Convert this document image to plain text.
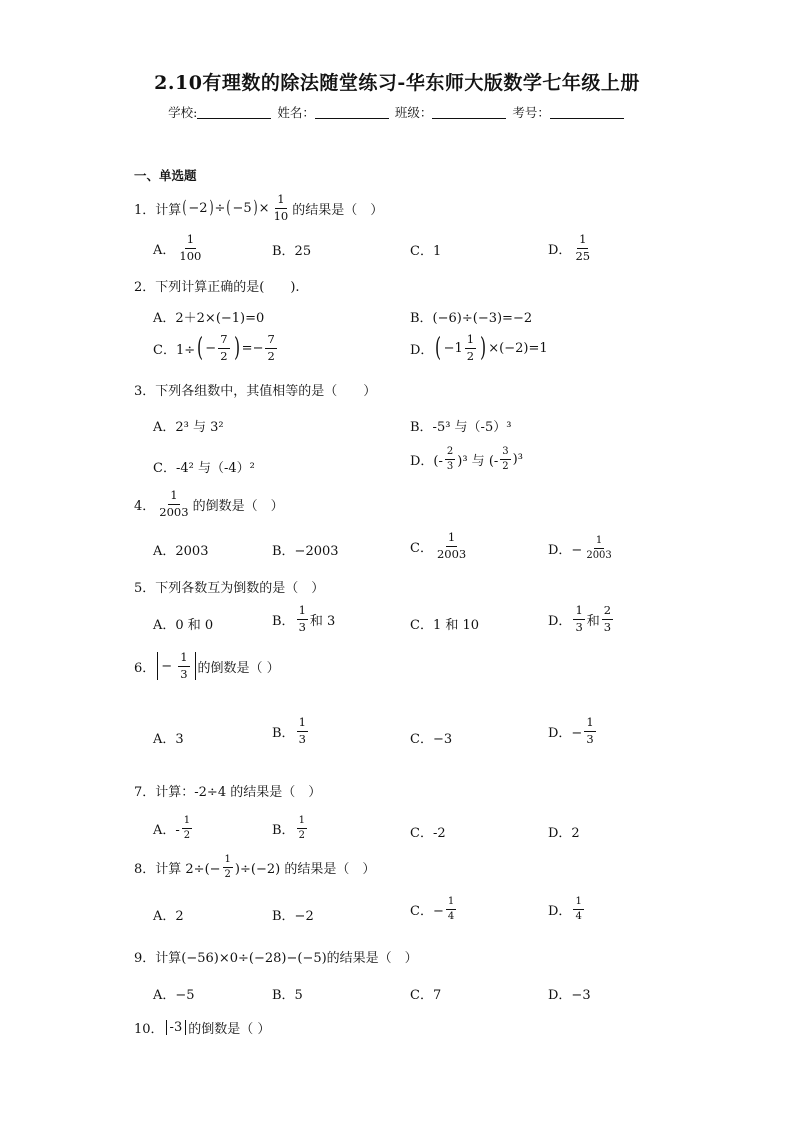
2.10有理数的除法随堂练习-华东师大版数学七年级上册
学校:	姓名：	班级：	考号：
一、单选题
1． 计算 ( −2 ) ÷ ( −5 ) × $\frac{1}{10}$ 的结果是（　）
A． $\frac{1}{100}$	B．25	C．1	D． $\frac{1}{25}$
2．下列计算正确的是(　　).
A．2＋2×(−1)=0	B．(−6)÷(−3)=−2
C．1÷ ( − $\frac{7}{2}$ ) =− $\frac{7}{2}$	D． ( $-1 \frac{1}{2}$ ) ×(−2)=1
3．下列各组数中，其值相等的是（　　）
A．2³ 与 3²	B．-5³ 与（-5）³
C．-4² 与（-4）²	D．(- $\frac{2}{3} )^3$ 与 (- $\frac{3}{2} )^3$
4． $\frac{1}{2003}$ 的倒数是（　）
A．2003	B．−2003	C． $\frac{1}{2003}$	D．− $\frac{1}{2003}$
5．下列各数互为倒数的是（　）
A．0 和 0	B． $\frac{1}{3}$ 和 3	C．1 和 10	D． $\frac{1}{3}$ 和 $\frac{2}{3}$
6． − $\frac{1}{3}$ 的倒数是（ ）
A．3	B． $\frac{1}{3}$	C．−3	D．− $\frac{1}{3}$
7．计算：-2÷4 的结果是（　）
A．- $\frac{1}{2}$	B． $\frac{1}{2}$	C．-2	D．2
8．计算 $2\div(- \frac{1}{2} )\div(-2)$ 的结果是（　）
A．2	B．−2	C．− $\frac{1}{4}$	D． $\frac{1}{4}$
9．计算(−56)×0÷(−28)−(−5)的结果是（　）
A．−5	B．5	C．7	D．−3
10． -3 的倒数是（ ）
